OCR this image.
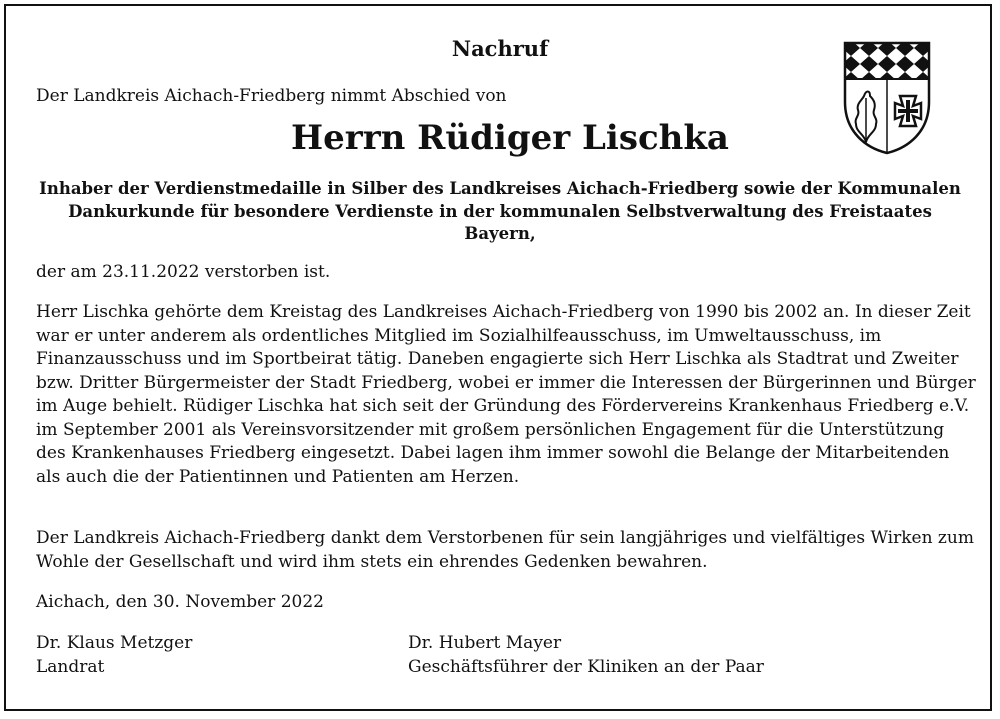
Nachruf
Der Landkreis Aichach-Friedberg nimmt Abschied von
Herrn Rüdiger Lischka
Inhaber der Verdienstmedaille in Silber des Landkreises Aichach-Friedberg sowie der Kommunalen Dankurkunde für besondere Verdienste in der kommunalen Selbstverwaltung des Freistaates Bayern,
der am 23.11.2022 verstorben ist.
Herr Lischka gehörte dem Kreistag des Landkreises Aichach-Friedberg von 1990 bis 2002 an. In dieser Zeit war er unter anderem als ordentliches Mitglied im Sozialhilfeausschuss, im Umweltausschuss, im Finanzausschuss und im Sportbeirat tätig. Daneben engagierte sich Herr Lischka als Stadtrat und Zweiter bzw. Dritter Bürgermeister der Stadt Friedberg, wobei er immer die Interessen der Bürgerinnen und Bürger im Auge behielt. Rüdiger Lischka hat sich seit der Gründung des Fördervereins Krankenhaus Friedberg e.V. im September 2001 als Vereinsvorsitzender mit großem persönlichen Engagement für die Unterstützung des Krankenhauses Friedberg eingesetzt. Dabei lagen ihm immer sowohl die Belange der Mitarbeitenden als auch die der Patientinnen und Patienten am Herzen.
Der Landkreis Aichach-Friedberg dankt dem Verstorbenen für sein langjähriges und vielfältiges Wirken zum Wohle der Gesellschaft und wird ihm stets ein ehrendes Gedenken bewahren.
Aichach, den 30. November 2022
Dr. Klaus Metzger
Landrat
Dr. Hubert Mayer
Geschäftsführer der Kliniken an der Paar
